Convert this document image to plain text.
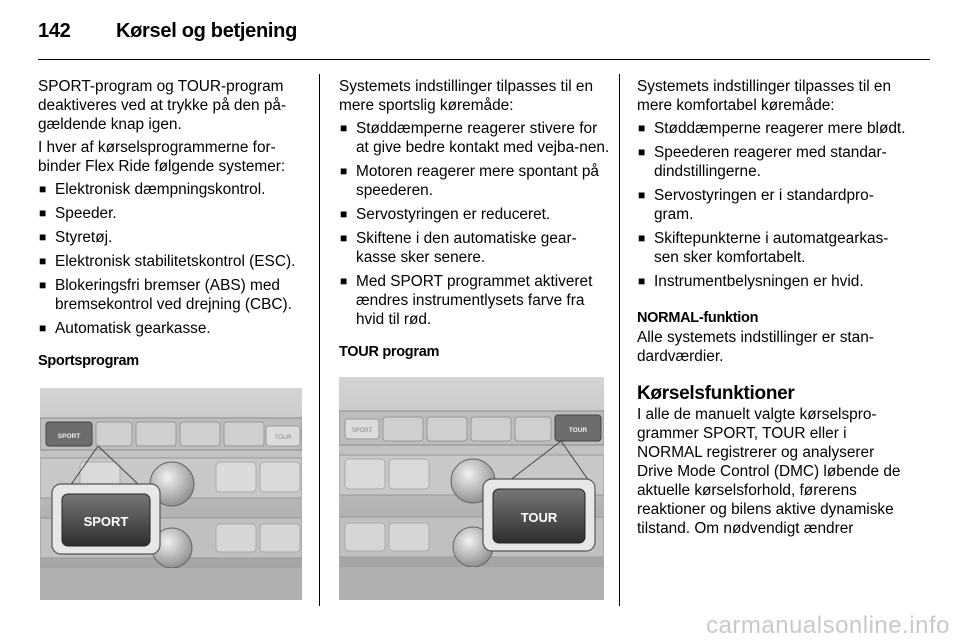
142 Kørsel og betjening

SPORT-program og TOUR-program deaktiveres ved at trykke på den på-gældende knap igen.

I hver af kørselsprogrammerne for-binder Flex Ride følgende systemer:

■ Elektronisk dæmpningskontrol.
■ Speeder.
■ Styretøj.
■ Elektronisk stabilitetskontrol (ESC).
■ Blokeringsfri bremser (ABS) med bremsekontrol ved drejning (CBC).
■ Automatisk gearkasse.

Sportsprogram

Systemets indstillinger tilpasses til en mere sportslig køremåde:

■ Støddæmperne reagerer stivere for at give bedre kontakt med vejba-nen.
■ Motoren reagerer mere spontant på speederen.
■ Servostyringen er reduceret.
■ Skiftene i den automatiske gear-kasse sker senere.
■ Med SPORT programmet aktiveret ændres instrumentlysets farve fra hvid til rød.

TOUR program

Systemets indstillinger tilpasses til en mere komfortabel køremåde:

■ Støddæmperne reagerer mere blødt.
■ Speederen reagerer med standar-dindstillingerne.
■ Servostyringen er i standardpro-gram.
■ Skiftepunkterne i automatgearkas-sen sker komfortabelt.
■ Instrumentbelysningen er hvid.

NORMAL-funktion

Alle systemets indstillinger er stan-dardværdier.

Kørselsfunktioner

I alle de manuelt valgte kørselspro-grammer SPORT, TOUR eller i NORMAL registrerer og analyserer Drive Mode Control (DMC) løbende de aktuelle kørselsforhold, førerens reaktioner og bilens aktive dynamiske tilstand. Om nødvendigt ændrer

SPORT	TOUR
SPORT
SPORT	TOUR
TOUR
carmanualsonline.info
